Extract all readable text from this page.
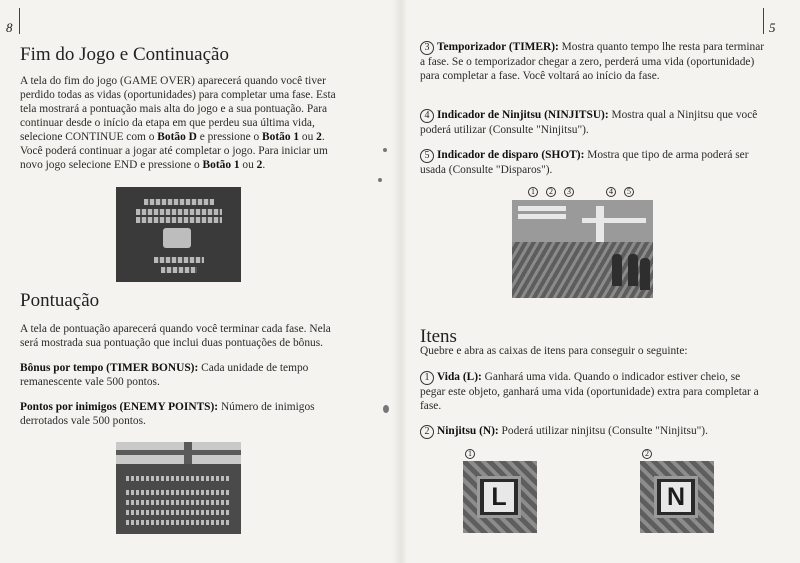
8
Fim do Jogo e Continuação

A tela do fim do jogo (GAME OVER) aparecerá quando você tiver perdido todas as vidas (oportunidades) para completar uma fase. Esta tela mostrará a pontuação mais alta do jogo e a sua pontuação. Para continuar desde o início da etapa em que perdeu sua última vida, selecione CONTINUE com o Botão D e pressione o Botão 1 ou 2. Você poderá continuar a jogar até completar o jogo. Para iniciar um novo jogo selecione END e pressione o Botão 1 ou 2.

Pontuação

A tela de pontuação aparecerá quando você terminar cada fase. Nela será mostrada sua pontuação que inclui duas pontuações de bônus.

Bônus por tempo (TIMER BONUS): Cada unidade de tempo remanescente vale 500 pontos.

Pontos por inimigos (ENEMY POINTS): Número de inimigos derrotados vale 500 pontos.

5

3 Temporizador (TIMER): Mostra quanto tempo lhe resta para terminar a fase. Se o temporizador chegar a zero, perderá uma vida (oportunidade) para completar a fase. Você voltará ao início da fase.

4 Indicador de Ninjitsu (NINJITSU): Mostra qual a Ninjitsu que você poderá utilizar (Consulte "Ninjitsu").

5 Indicador de disparo (SHOT): Mostra que tipo de arma poderá ser usada (Consulte "Disparos").

1	2	3	4	5
Itens

Quebre e abra as caixas de itens para conseguir o seguinte:

1 Vida (L): Ganhará uma vida. Quando o indicador estiver cheio, se pegar este objeto, ganhará uma vida (oportunidade) extra para completar a fase.

2 Ninjitsu (N): Poderá utilizar ninjitsu (Consulte "Ninjitsu").

1
L
2
N
